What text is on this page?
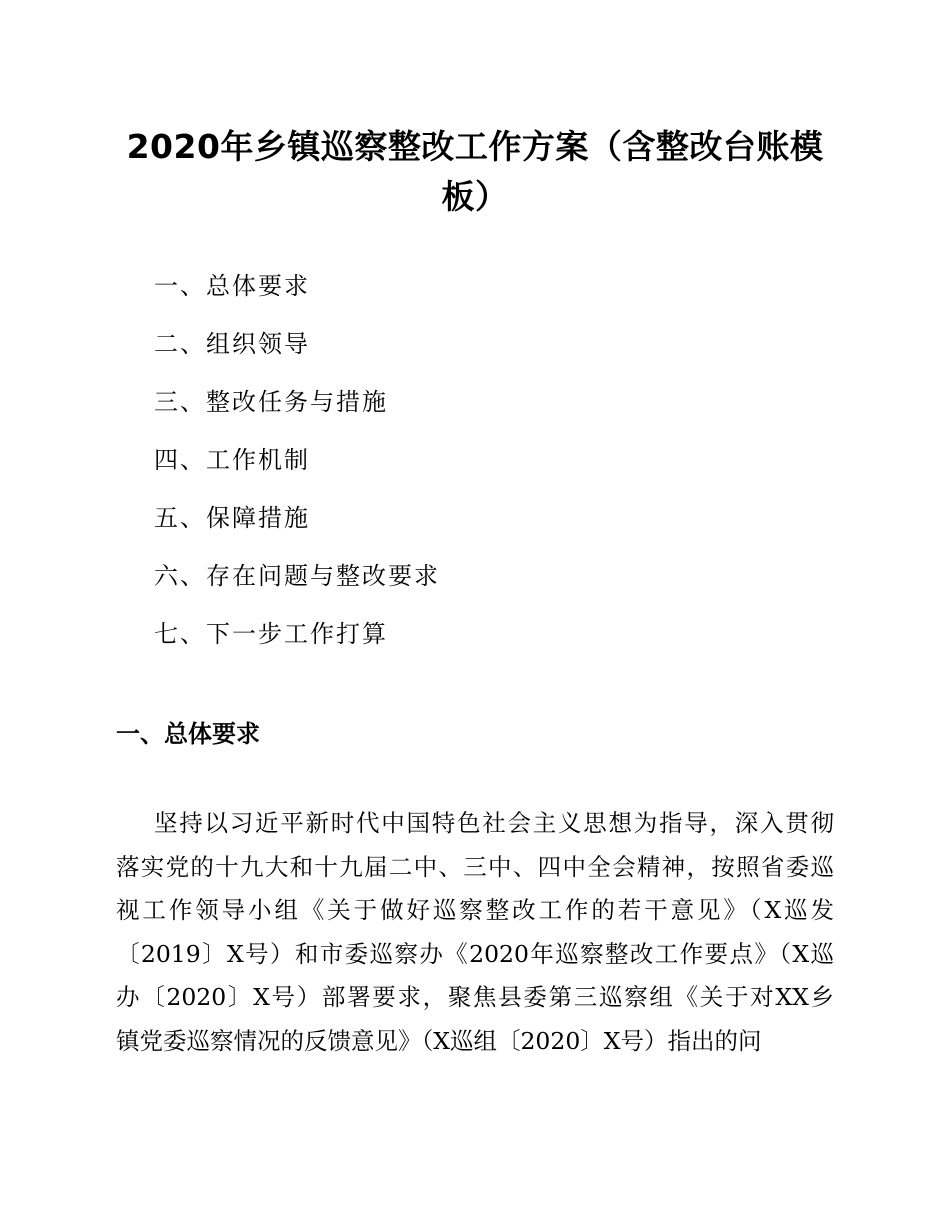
2020年乡镇巡察整改工作方案（含整改台账模板）
一、总体要求
二、组织领导
三、整改任务与措施
四、工作机制
五、保障措施
六、存在问题与整改要求
七、下一步工作打算
一、总体要求

坚持以习近平新时代中国特色社会主义思想为指导，深入贯彻
落实党的十九大和十九届二中、三中、四中全会精神，按照省委巡
视工作领导小组《关于做好巡察整改工作的若干意见》（X巡发
〔2019〕X号）和市委巡察办《2020年巡察整改工作要点》（X巡
办〔2020〕X号）部署要求，聚焦县委第三巡察组《关于对XX乡
镇党委巡察情况的反馈意见》（X巡组〔2020〕X号）指出的问
